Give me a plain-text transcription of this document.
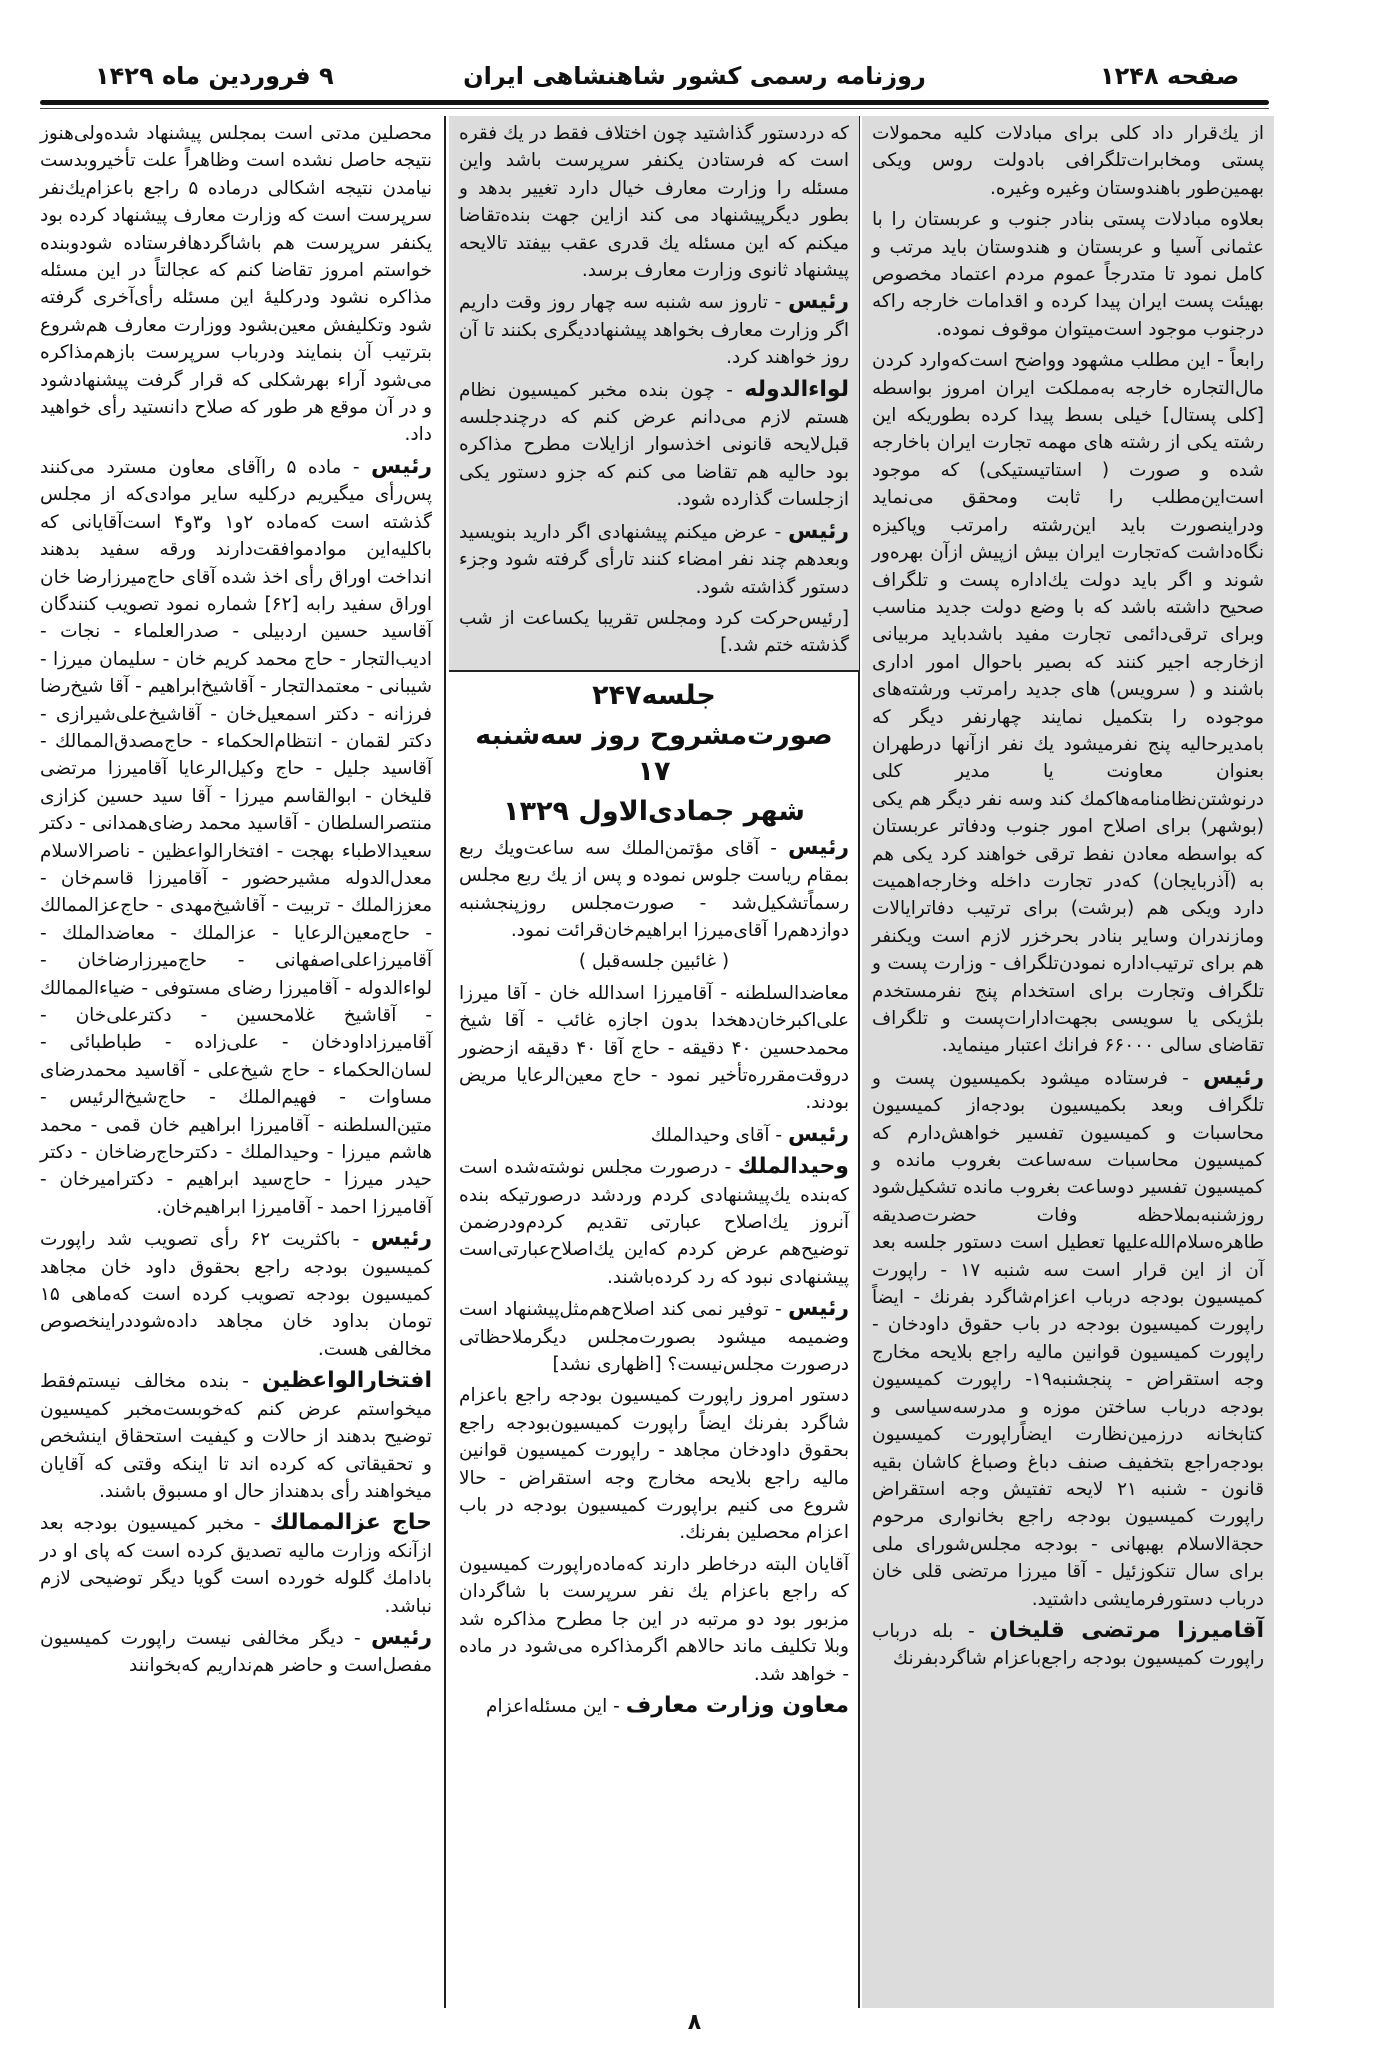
صفحه ۱۲۴۸
روزنامه رسمی كشور شاهنشاهی ایران
۹ فروردین ماه ۱۴۲۹

از یك‌قرار داد كلی برای مبادلات كلیه محمولات پستی ومخابرات‌تلگرافی بادولت روس ویكی بهمین‌طور باهندوستان وغیره وغیره.

بعلاوه مبادلات پستی بنادر جنوب و عربستان را با عثمانی آسیا و عربستان و هندوستان باید مرتب و كامل نمود تا متدرجاً عموم مردم اعتماد مخصوص بهیئت پست ایران پیدا كرده و اقدامات خارجه راكه درجنوب موجود است‌میتوان موقوف نموده.

رابعاً - این مطلب مشهود وواضح است‌كه‌وارد كردن مال‌التجاره خارجه به‌مملكت ایران امروز بواسطه [كلی پستال] خیلی بسط پیدا كرده بطوریكه این رشته یكی از رشته های مهمه تجارت ایران باخارجه شده و صورت ( استاتیستیكی) كه موجود است‌این‌مطلب را ثابت ومحقق می‌نماید ودراینصورت باید این‌رشته رامرتب وپاكیزه نگاه‌داشت كه‌تجارت ایران بیش ازپیش ازآن بهره‌ور شوند و اگر باید دولت یك‌اداره پست و تلگراف صحیح داشته باشد كه با وضع دولت جدید مناسب وبرای ترقی‌دائمی تجارت مفید باشدباید مربیانی ازخارجه اجیر كنند كه بصیر باحوال امور اداری باشند و ( سرویس) های جدید رامرتب ورشته‌های موجوده را بتكمیل نمایند چهارنفر دیگر كه بامدیرحالیه پنج نفرمیشود یك نفر ازآنها درطهران بعنوان معاونت یا مدیر كلی درنوشتن‌نظامنامه‌هاكمك كند وسه نفر دیگر هم یكی (بوشهر) برای اصلاح امور جنوب ودفاتر عربستان كه بواسطه معادن نفط ترقی خواهند كرد یكی هم به (آذربایجان) كه‌در تجارت داخله وخارجه‌اهمیت دارد ویكی هم (برشت) برای ترتیب دفاترایالات ومازندران وسایر بنادر بحرخزر لازم است ویكنفر هم برای ترتیب‌اداره نمودن‌تلگراف - وزارت پست و تلگراف وتجارت برای استخدام پنج نفرمستخدم بلژیكی یا سویسی بجهت‌ادارات‌پست و تلگراف تقاضای سالی ۶۶۰۰۰ فرانك اعتبار مینماید.

رئیس - فرستاده میشود بكمیسیون پست و تلگراف وبعد بكمیسیون بودجه‌از كمیسیون محاسبات و كمیسیون تفسیر خواهش‌دارم كه كمیسیون محاسبات سه‌ساعت بغروب مانده و كمیسیون تفسیر دوساعت بغروب مانده تشكیل‌شود روزشنبه‌بملاحظه وفات حضرت‌صدیقه طاهره‌سلام‌الله‌علیها تعطیل است دستور جلسه بعد آن از این قرار است سه شنبه ۱۷ - راپورت كمیسیون بودجه درباب اعزام‌شاگرد بفرنك - ایضاً راپورت كمیسیون بودجه در باب حقوق داودخان - راپورت كمیسیون قوانین مالیه راجع بلایحه مخارج وجه استقراض - پنجشنبه۱۹- راپورت كمیسیون بودجه درباب ساختن موزه و مدرسه‌سیاسی و كتابخانه درزمین‌نظارت ایضاً‌راپورت كمیسیون بودجه‌راجع بتخفیف صنف دباغ وصباغ كاشان بقیه قانون - شنبه ۲۱ لایحه تفتیش وجه استقراض راپورت كمیسیون بودجه راجع بخانواری مرحوم حجةالاسلام بهبهانی - بودجه مجلس‌شورای ملی برای سال تنكوزئیل - آقا میرزا مرتضی قلی خان درباب دستورفرمایشی داشتید.

آقامیرزا مرتضی قلیخان - بله درباب راپورت كمیسیون بودجه راجع‌باعزام شاگردبفرنك

كه دردستور گذاشتید چون اختلاف فقط در یك فقره است كه فرستادن یكنفر سرپرست باشد واین مسئله را وزارت معارف خیال دارد تغییر بدهد و بطور دیگرپیشنهاد می كند ازاین جهت بنده‌تقاضا میكنم كه این مسئله یك قدری عقب بیفتد تالایحه پیشنهاد ثانوی وزارت معارف برسد.

رئیس - تاروز سه شنبه سه چهار روز وقت داریم اگر وزارت معارف بخواهد پیشنهاددیگری بكنند تا آن روز خواهند كرد.

لواء‌الدوله - چون بنده مخبر كمیسیون نظام هستم لازم می‌دانم عرض كنم كه درچندجلسه قبل‌لایحه قانونی اخذسوار ازایلات مطرح مذاكره بود حالیه هم تقاضا می كنم كه جزو دستور یكی ازجلسات گذارده شود.

رئیس - عرض میكنم پیشنهادی اگر دارید بنویسید وبعدهم چند نفر امضاء كنند تارأی گرفته شود وجزء دستور گذاشته شود.

[رئیس‌حركت كرد ومجلس تقریبا یكساعت از شب گذشته ختم شد.]

جلسه۲۴۷
صورت‌مشروح روز سه‌شنبه ۱۷
شهر جمادی‌الاول ۱۳۲۹

رئیس - آقای مؤتمن‌الملك سه ساعت‌ویك ربع بمقام ریاست جلوس نموده و پس از یك ربع مجلس رسماًتشكیل‌شد - صورت‌مجلس روزپنجشنبه دوازدهم‌را آقای‌میرزا ابراهیم‌خان‌قرائت نمود.

( غائبین جلسه‌قبل )

معاضدالسلطنه - آقامیرزا اسدالله خان - آقا میرزا علی‌اكبرخان‌دهخدا بدون اجازه غائب - آقا شیخ محمدحسین ۴۰ دقیقه - حاج آقا ۴۰ دقیقه ازحضور دروقت‌مقرره‌تأخیر نمود - حاج معین‌الرعایا مریض بودند.

رئیس - آقای وحیدالملك

وحیدالملك - درصورت مجلس نوشته‌شده است كه‌بنده یك‌پیشنهادی كردم وردشد درصورتیكه بنده آنروز یك‌اصلاح عبارتی تقدیم كردم‌ودرضمن توضیح‌هم عرض كردم كه‌این یك‌اصلاح‌عبارتی‌است پیشنهادی نبود كه رد كرده‌باشند.

رئیس - توفیر نمی كند اصلاح‌هم‌مثل‌پیشنهاد است وضمیمه میشود بصورت‌مجلس دیگرملاحظاتی درصورت مجلس‌نیست؟ [اظهاری نشد]

دستور امروز راپورت كمیسیون بودجه راجع باعزام شاگرد بفرنك ایضاً راپورت كمیسیون‌بودجه راجع بحقوق داودخان مجاهد - راپورت كمیسیون قوانین مالیه راجع بلایحه مخارج وجه استقراض - حالا شروع می كنیم براپورت كمیسیون بودجه در باب اعزام محصلین بفرنك.

آقایان البته درخاطر دارند كه‌ماده‌راپورت كمیسیون كه راجع باعزام یك نفر سرپرست با شاگردان مزبور بود دو مرتبه در این جا مطرح مذاكره شد وبلا تكلیف ماند حالاهم اگرمذاكره می‌شود در ماده - خواهد شد.

معاون وزارت معارف - این مسئله‌اعزام

محصلین مدتی است بمجلس پیشنهاد شده‌ولی‌هنوز نتیجه حاصل نشده است وظاهراً علت تأخیروبدست نیامدن نتیجه اشكالی درماده ۵ راجع باعزام‌یك‌نفر سرپرست است كه وزارت معارف پیشنهاد كرده بود یكنفر سرپرست هم باشاگردهافرستاده شودوبنده خواستم امروز تقاضا كنم كه عجالتاً در این مسئله مذاكره نشود ودركلیهٔ این مسئله رأی‌آخری گرفته شود وتكلیفش معین‌بشود ووزارت معارف هم‌شروع بترتیب آن بنمایند ودرباب سرپرست بازهم‌مذاكره می‌شود آراء بهرشكلی كه قرار گرفت پیشنهادشود و در آن موقع هر طور كه صلاح دانستید رأی خواهید داد.

رئیس - ماده ۵ راآقای معاون مسترد می‌كنند پس‌رأی میگیریم دركلیه سایر موادی‌كه از مجلس گذشته است كه‌ماده ۲و۱ و۳و۴ است‌آقایانی كه باكلیه‌این موادموافقت‌دارند ورقه سفید بدهند انداخت اوراق رأی اخذ شده آقای حاج‌میرزارضا خان اوراق سفید رابه [۶۲] شماره نمود تصویب كنندگان آقاسید حسین اردبیلی - صدرالعلماء - نجات - ادیب‌التجار - حاج محمد كریم خان - سلیمان میرزا - شیبانی - معتمدالتجار - آقاشیخ‌ابراهیم - آقا شیخ‌رضا فرزانه - دكتر اسمعیل‌خان - آقاشیخ‌علی‌شیرازی - دكتر لقمان - انتظام‌الحكماء - حاج‌مصدق‌الممالك - آقاسید جلیل - حاج وكیل‌الرعایا آقامیرزا مرتضی قلیخان - ابوالقاسم میرزا - آقا سید حسین كزازی منتصرالسلطان - آقاسید محمد رضای‌همدانی - دكتر سعیدالاطباء بهجت - افتخارالواعظین - ناصرالاسلام معدل‌الدوله مشیرحضور - آقامیرزا قاسم‌خان - معززالملك - تربیت - آقاشیخ‌مهدی - حاج‌عزالممالك - حاج‌معین‌الرعایا - عزالملك - معاضدالملك - آقامیرزاعلی‌اصفهانی - حاج‌میرزارضاخان - لواءالدوله - آقامیرزا رضای مستوفی - ضیاءالممالك - آقاشیخ غلامحسین - دكترعلی‌خان - آقامیرزاداودخان - علی‌زاده - طباطبائی - لسان‌الحكماء - حاج شیخ‌علی - آقاسید محمدرضای مساوات - فهیم‌الملك - حاج‌شیخ‌الرئیس - متین‌السلطنه - آقامیرزا ابراهیم خان قمی - محمد هاشم میرزا - وحیدالملك - دكترحاج‌رضاخان - دكتر حیدر میرزا - حاج‌سید ابراهیم - دكترامیرخان - آقامیرزا احمد - آقامیرزا ابراهیم‌خان.

رئیس - باكثریت ۶۲ رأی تصویب شد راپورت كمیسیون بودجه راجع بحقوق داود خان مجاهد كمیسیون بودجه تصویب كرده است كه‌ماهی ۱۵ تومان بداود خان مجاهد داده‌شوددراینخصوص مخالفی هست.

افتخارالواعظین - بنده مخالف نیستم‌فقط میخواستم عرض كنم كه‌خوبست‌مخبر كمیسیون توضیح بدهند از حالات و كیفیت استحقاق اینشخص و تحقیقاتی كه كرده اند تا اینكه وقتی كه آقایان میخواهند رأی بدهنداز حال او مسبوق باشند.

حاج عزالممالك - مخبر كمیسیون بودجه بعد ازآنكه وزارت مالیه تصدیق كرده است كه پای او در بادامك گلوله خورده است گویا دیگر توضیحی لازم نباشد.

رئیس - دیگر مخالفی نیست راپورت كمیسیون مفصل‌است و حاضر هم‌نداریم كه‌بخوانند

۸
